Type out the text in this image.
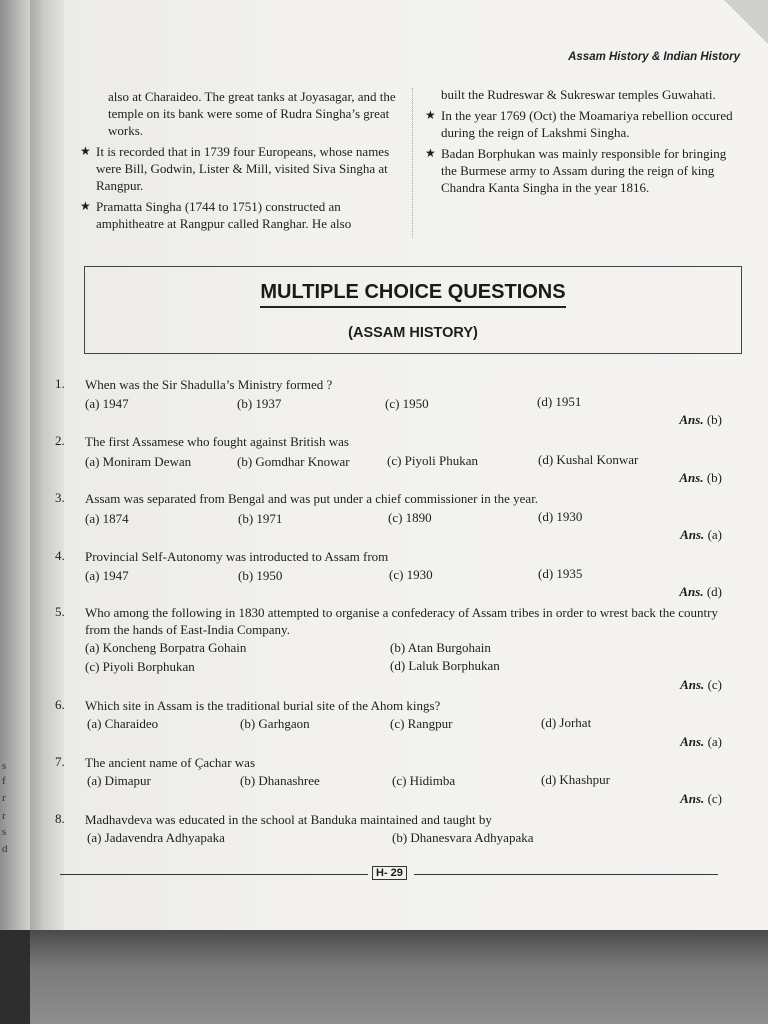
Assam History & Indian History

also at Charaideo. The great tanks at Joyasagar, and the temple on its bank were some of Rudra Singha’s great works.

★ It is recorded that in 1739 four Europeans, whose names were Bill, Godwin, Lister & Mill, visited Siva Singha at Rangpur.
★ Pramatta Singha (1744 to 1751) constructed an amphitheatre at Rangpur called Ranghar. He also

built the Rudreswar & Sukreswar temples Guwahati.

★ In the year 1769 (Oct) the Moamariya rebellion occured during the reign of Lakshmi Singha.
★ Badan Borphukan was mainly responsible for bringing the Burmese army to Assam during the reign of king Chandra Kanta Singha in the year 1816.
MULTIPLE CHOICE QUESTIONS
(ASSAM HISTORY)
1. When was the Sir Shadulla’s Ministry formed ?
(a) 1947	(b) 1937	(c) 1950	(d) 1951
Ans. (b)
2. The first Assamese who fought against British was
(a) Moniram Dewan	(b) Gomdhar Knowar	(c) Piyoli Phukan	(d) Kushal Konwar
Ans. (b)
3. Assam was separated from Bengal and was put under a chief commissioner in the year.
(a) 1874	(b) 1971	(c) 1890	(d) 1930
Ans. (a)
4. Provincial Self-Autonomy was introducted to Assam from
(a) 1947	(b) 1950	(c) 1930	(d) 1935
Ans. (d)
5. Who among the following in 1830 attempted to organise a confederacy of Assam tribes in order to wrest back the country from the hands of East-India Company.
(a) Koncheng Borpatra Gohain	(b) Atan Burgohain
(c) Piyoli Borphukan	(d) Laluk Borphukan
Ans. (c)
6. Which site in Assam is the traditional burial site of the Ahom kings?
(a) Charaideo	(b) Garhgaon	(c) Rangpur	(d) Jorhat
Ans. (a)
7. The ancient name of Çachar was
(a) Dimapur	(b) Dhanashree	(c) Hidimba	(d) Khashpur
Ans. (c)
8. Madhavdeva was educated in the school at Banduka maintained and taught by
(a) Jadavendra Adhyapaka	(b) Dhanesvara Adhyapaka
H- 29
s
f
r
r
s
d
